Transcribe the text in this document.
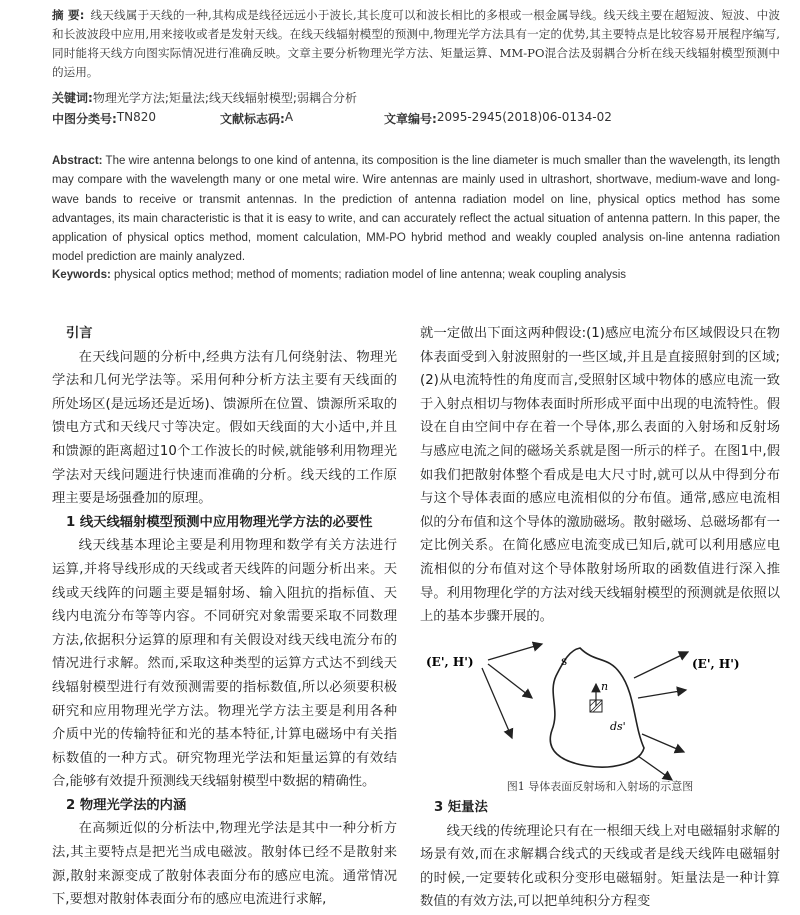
摘 要: 线天线属于天线的一种,其构成是线径远远小于波长,其长度可以和波长相比的多根或一根金属导线。线天线主要在超短波、短波、中波和长波波段中应用,用来接收或者是发射天线。在线天线辐射模型的预测中,物理光学方法具有一定的优势,其主要特点是比较容易开展程序编写,同时能将天线方向图实际情况进行准确反映。文章主要分析物理光学方法、矩量运算、MM-PO混合法及弱耦合分析在线天线辐射模型预测中的运用。
关键词:物理光学方法;矩量法;线天线辐射模型;弱耦合分析
中图分类号: TN820	文献标志码: A	文章编号: 2095-2945(2018)06-0134-02
Abstract: The wire antenna belongs to one kind of antenna, its composition is the line diameter is much smaller than the wavelength, its length may compare with the wavelength many or one metal wire. Wire antennas are mainly used in ultrashort, shortwave, medium-wave and long-wave bands to receive or transmit antennas. In the prediction of antenna radiation model on line, physical optics method has some advantages, its main characteristic is that it is easy to write, and can accurately reflect the actual situation of antenna pattern. In this paper, the application of physical optics method, moment calculation, MM-PO hybrid method and weakly coupled analysis on-line antenna radiation model prediction are mainly analyzed.
Keywords: physical optics method; method of moments; radiation model of line antenna; weak coupling analysis

引言

在天线问题的分析中,经典方法有几何绕射法、物理光学法和几何光学法等。采用何种分析方法主要有天线面的所处场区(是远场还是近场)、馈源所在位置、馈源所采取的馈电方式和天线尺寸等决定。假如天线面的大小适中,并且和馈源的距离超过10个工作波长的时候,就能够利用物理光学法对天线问题进行快速而准确的分析。线天线的工作原理主要是场强叠加的原理。

1 线天线辐射模型预测中应用物理光学方法的必要性

线天线基本理论主要是利用物理和数学有关方法进行运算,并将导线形成的天线或者天线阵的问题分析出来。天线或天线阵的问题主要是辐射场、输入阻抗的指标值、天线内电流分布等等内容。不同研究对象需要采取不同数理方法,依据积分运算的原理和有关假设对线天线电流分布的情况进行求解。然而,采取这种类型的运算方式达不到线天线辐射模型进行有效预测需要的指标数值,所以必须要积极研究和应用物理光学方法。物理光学方法主要是利用各种介质中光的传输特征和光的基本特征,计算电磁场中有关指标数值的一种方式。研究物理光学法和矩量运算的有效结合,能够有效提升预测线天线辐射模型中数据的精确性。

2 物理光学法的内涵

在高频近似的分析法中,物理光学法是其中一种分析方法,其主要特点是把光当成电磁波。散射体已经不是散射来源,散射来源变成了散射体表面分布的感应电流。通常情况下,要想对散射体表面分布的感应电流进行求解,

就一定做出下面这两种假设:(1)感应电流分布区域假设只在物体表面受到入射波照射的一些区域,并且是直接照射到的区域;(2)从电流特性的角度而言,受照射区域中物体的感应电流一致于入射点相切与物体表面时所形成平面中出现的电流特性。假设在自由空间中存在着一个导体,那么表面的入射场和反射场与感应电流之间的磁场关系就是图一所示的样子。在图1中,假如我们把散射体整个看成是电大尺寸时,就可以从中得到分布与这个导体表面的感应电流相似的分布值。通常,感应电流相似的分布值和这个导体的激励磁场。散射磁场、总磁场都有一定比例关系。在简化感应电流变成已知后,就可以利用感应电流相似的分布值对这个导体散射场所取的函数值进行深入推导。利用物理化学的方法对线天线辐射模型的预测就是依照以上的基本步骤开展的。

s
n
ds'
(E', H')	(E', H')
图1 导体表面反射场和入射场的示意图

3 矩量法

线天线的传统理论只有在一根细天线上对电磁辐射求解的场景有效,而在求解耦合线式的天线或者是线天线阵电磁辐射的时候,一定要转化或积分变形电磁辐射。矩量法是一种计算数值的有效方法,可以把单纯积分方程变
